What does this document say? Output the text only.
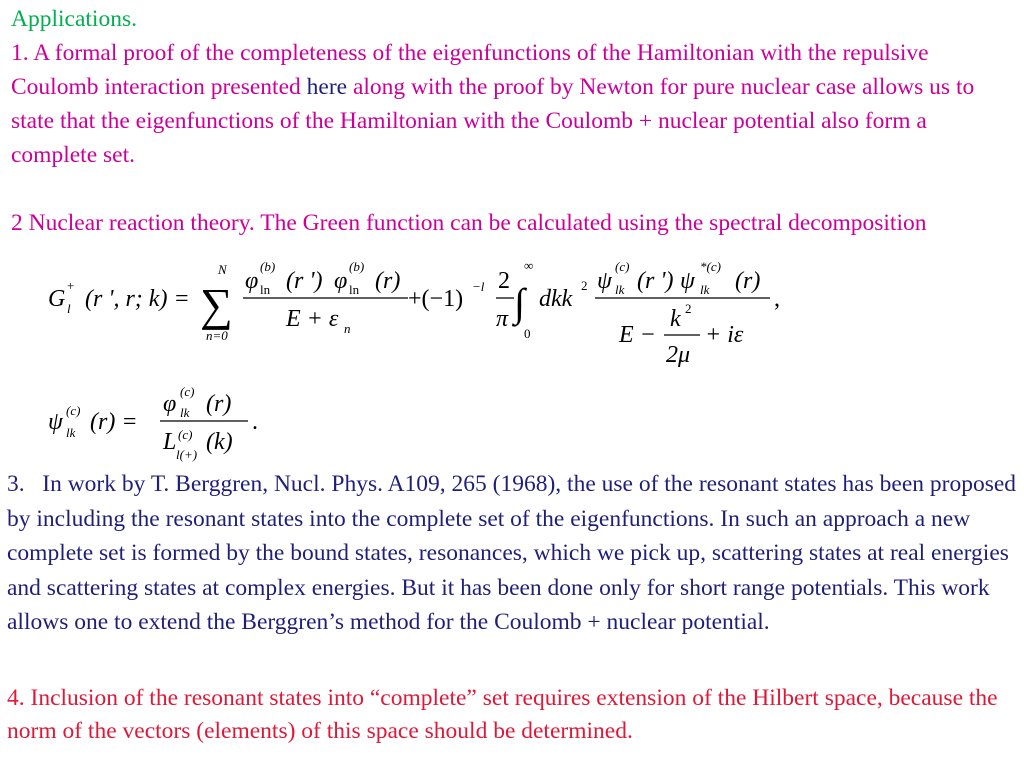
Applications.
1. A formal proof of the completeness of the eigenfunctions of the Hamiltonian with the repulsive Coulomb interaction presented here along with the proof by Newton for pure nuclear case allows us to state that the eigenfunctions of the Hamiltonian with the Coulomb + nuclear potential also form a complete set.
2 Nuclear reaction theory. The Green function can be calculated using the spectral decomposition
G
+
l (r ', r; k) =
N
∑
n=0
φ
(b)
ln (r ') φ
(b)
ln (r)
E + ε n
+(−1) −l 2
π
∞
∫
0
dkk
2 ψ
(c)
lk (r ') ψ
*(c)
lk (r)
E −
k 2
2μ
+ iε
,
ψ (c)
lk (r) =
φ (c)
lk (r)
L (c)
l(+) (k)
.
3. In work by T. Berggren, Nucl. Phys. A109, 265 (1968), the use of the resonant states has been proposed by including the resonant states into the complete set of the eigenfunctions. In such an approach a new complete set is formed by the bound states, resonances, which we pick up, scattering states at real energies and scattering states at complex energies. But it has been done only for short range potentials. This work allows one to extend the Berggren’s method for the Coulomb + nuclear potential.
4. Inclusion of the resonant states into “complete” set requires extension of the Hilbert space, because the norm of the vectors (elements) of this space should be determined.
